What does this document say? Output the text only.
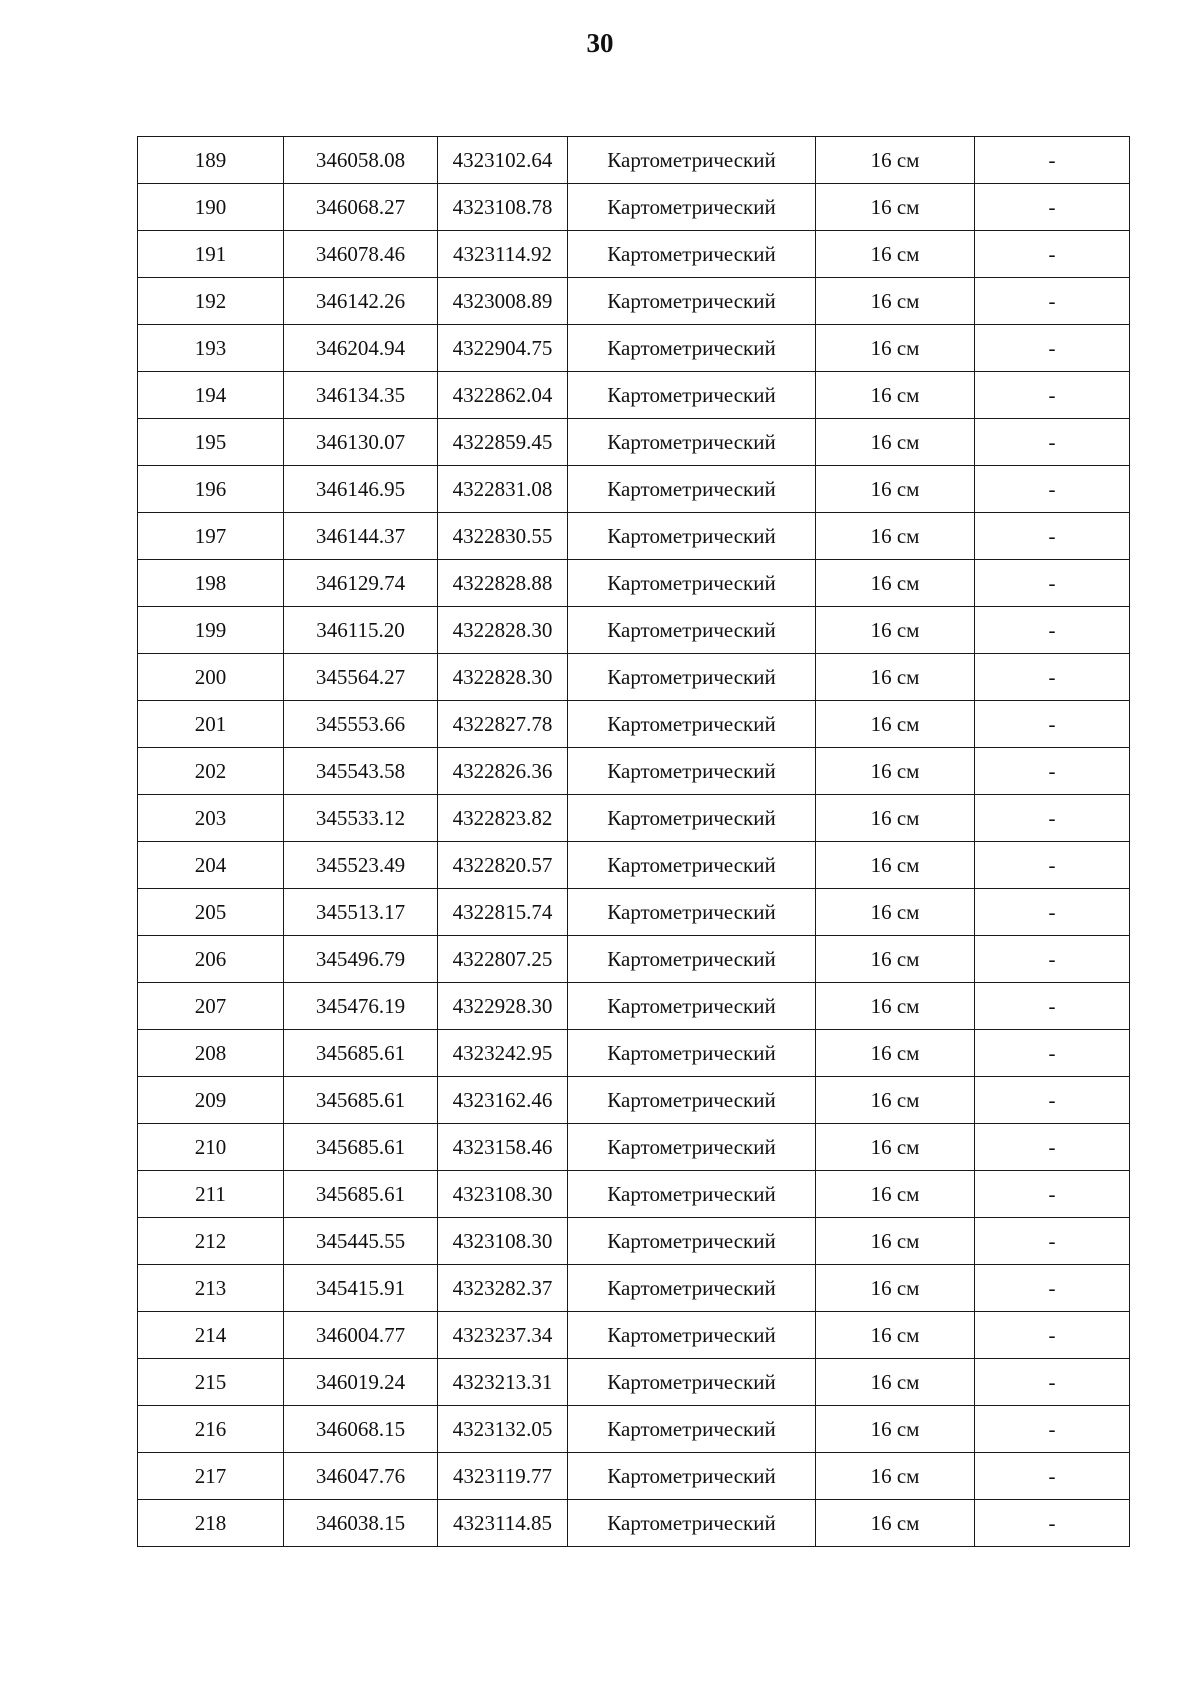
30
189	346058.08	4323102.64	Картометрический	16 см	-
190	346068.27	4323108.78	Картометрический	16 см	-
191	346078.46	4323114.92	Картометрический	16 см	-
192	346142.26	4323008.89	Картометрический	16 см	-
193	346204.94	4322904.75	Картометрический	16 см	-
194	346134.35	4322862.04	Картометрический	16 см	-
195	346130.07	4322859.45	Картометрический	16 см	-
196	346146.95	4322831.08	Картометрический	16 см	-
197	346144.37	4322830.55	Картометрический	16 см	-
198	346129.74	4322828.88	Картометрический	16 см	-
199	346115.20	4322828.30	Картометрический	16 см	-
200	345564.27	4322828.30	Картометрический	16 см	-
201	345553.66	4322827.78	Картометрический	16 см	-
202	345543.58	4322826.36	Картометрический	16 см	-
203	345533.12	4322823.82	Картометрический	16 см	-
204	345523.49	4322820.57	Картометрический	16 см	-
205	345513.17	4322815.74	Картометрический	16 см	-
206	345496.79	4322807.25	Картометрический	16 см	-
207	345476.19	4322928.30	Картометрический	16 см	-
208	345685.61	4323242.95	Картометрический	16 см	-
209	345685.61	4323162.46	Картометрический	16 см	-
210	345685.61	4323158.46	Картометрический	16 см	-
211	345685.61	4323108.30	Картометрический	16 см	-
212	345445.55	4323108.30	Картометрический	16 см	-
213	345415.91	4323282.37	Картометрический	16 см	-
214	346004.77	4323237.34	Картометрический	16 см	-
215	346019.24	4323213.31	Картометрический	16 см	-
216	346068.15	4323132.05	Картометрический	16 см	-
217	346047.76	4323119.77	Картометрический	16 см	-
218	346038.15	4323114.85	Картометрический	16 см	-
